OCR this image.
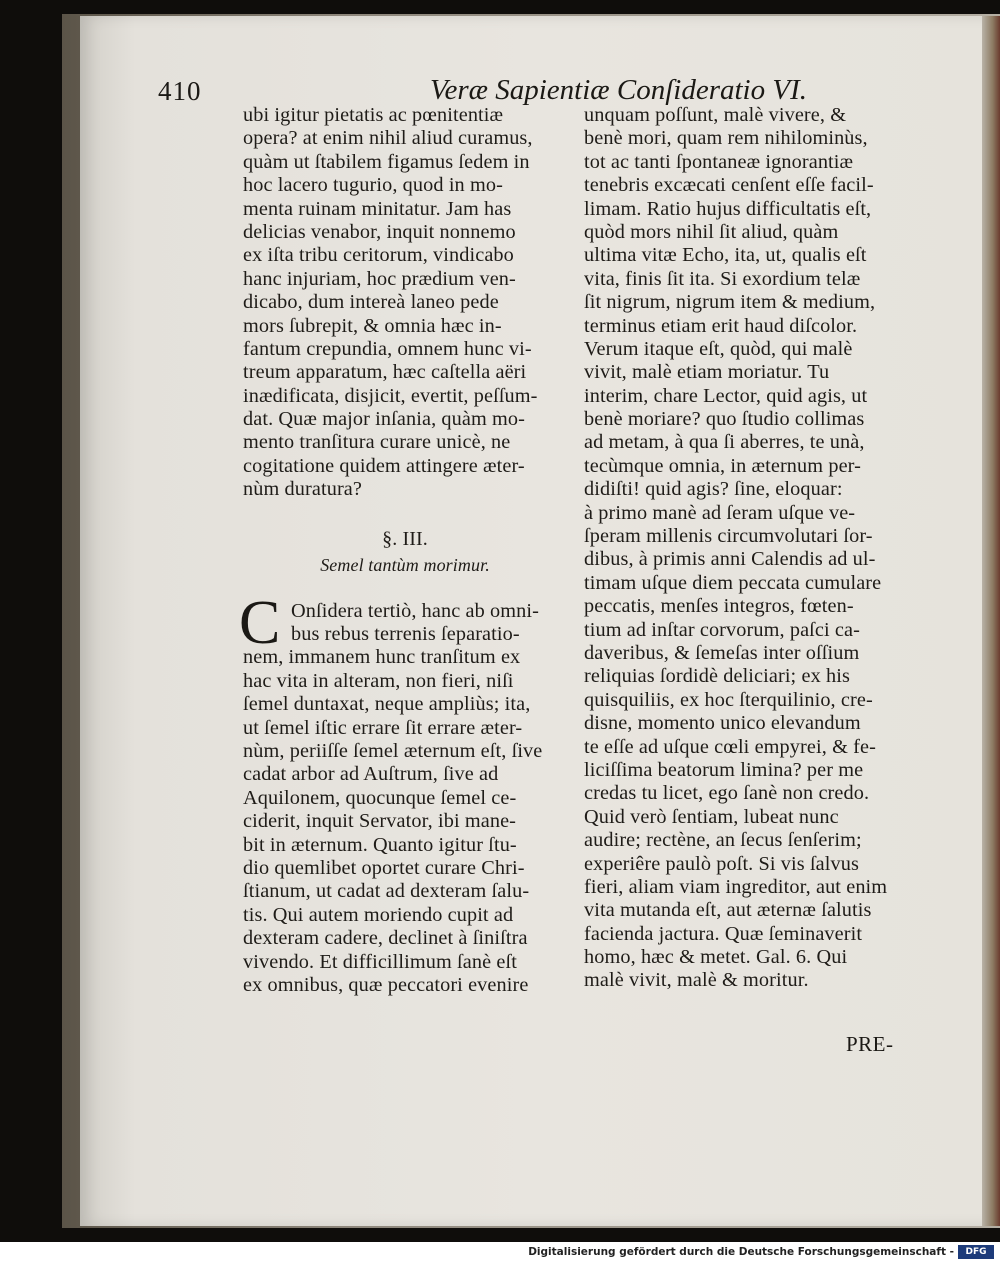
410	Veræ Sapientiæ Conſideratio VI.
ubi igitur pietatis ac pœnitentiæ
opera? at enim nihil aliud curamus,
quàm ut ſtabilem figamus ſedem in
hoc lacero tugurio, quod in mo-
menta ruinam minitatur. Jam has
delicias venabor, inquit nonnemo
ex iſta tribu ceritorum, vindicabo
hanc injuriam, hoc prædium ven-
dicabo, dum intereà laneo pede
mors ſubrepit, & omnia hæc in-
fantum crepundia, omnem hunc vi-
treum apparatum, hæc caſtella aëri
inædificata, disjicit, evertit, peſſum-
dat. Quæ major inſania, quàm mo-
mento tranſitura curare unicè, ne
cogitatione quidem attingere æter-
nùm duratura?
§. III.
Semel tantùm morimur.
C Onſidera tertiò, hanc ab omni-
bus rebus terrenis ſeparatio-
nem, immanem hunc tranſitum ex
hac vita in alteram, non fieri, niſi
ſemel duntaxat, neque ampliùs; ita,
ut ſemel iſtic errare ſit errare æter-
nùm, periiſſe ſemel æternum eſt, ſive
cadat arbor ad Auſtrum, ſive ad
Aquilonem, quocunque ſemel ce-
ciderit, inquit Servator, ibi mane-
bit in æternum. Quanto igitur ſtu-
dio quemlibet oportet curare Chri-
ſtianum, ut cadat ad dexteram ſalu-
tis. Qui autem moriendo cupit ad
dexteram cadere, declinet à ſiniſtra
vivendo. Et difficillimum ſanè eſt
ex omnibus, quæ peccatori evenire
unquam poſſunt, malè vivere, &
benè mori, quam rem nihilominùs,
tot ac tanti ſpontaneæ ignorantiæ
tenebris excæcati cenſent eſſe facil-
limam. Ratio hujus difficultatis eſt,
quòd mors nihil ſit aliud, quàm
ultima vitæ Echo, ita, ut, qualis eſt
vita, finis ſit ita. Si exordium telæ
ſit nigrum, nigrum item & medium,
terminus etiam erit haud diſcolor.
Verum itaque eſt, quòd, qui malè
vivit, malè etiam moriatur. Tu
interim, chare Lector, quid agis, ut
benè moriare? quo ſtudio collimas
ad metam, à qua ſi aberres, te unà,
tecùmque omnia, in æternum per-
didiſti! quid agis? ſine, eloquar:
à primo manè ad ſeram uſque ve-
ſperam millenis circumvolutari ſor-
dibus, à primis anni Calendis ad ul-
timam uſque diem peccata cumulare
peccatis, menſes integros, fœten-
tium ad inſtar corvorum, paſci ca-
daveribus, & ſemeſas inter oſſium
reliquias ſordidè deliciari; ex his
quisquiliis, ex hoc ſterquilinio, cre-
disne, momento unico elevandum
te eſſe ad uſque cœli empyrei, & fe-
liciſſima beatorum limina? per me
credas tu licet, ego ſanè non credo.
Quid verò ſentiam, lubeat nunc
audire; rectène, an ſecus ſenſerim;
experiêre paulò poſt. Si vis ſalvus
fieri, aliam viam ingreditor, aut enim
vita mutanda eſt, aut æternæ ſalutis
facienda jactura. Quæ ſeminaverit
homo, hæc & metet. Gal. 6. Qui
malè vivit, malè & moritur.
PRE-
Digitalisierung gefördert durch die Deutsche Forschungsgemeinschaft -	DFG
